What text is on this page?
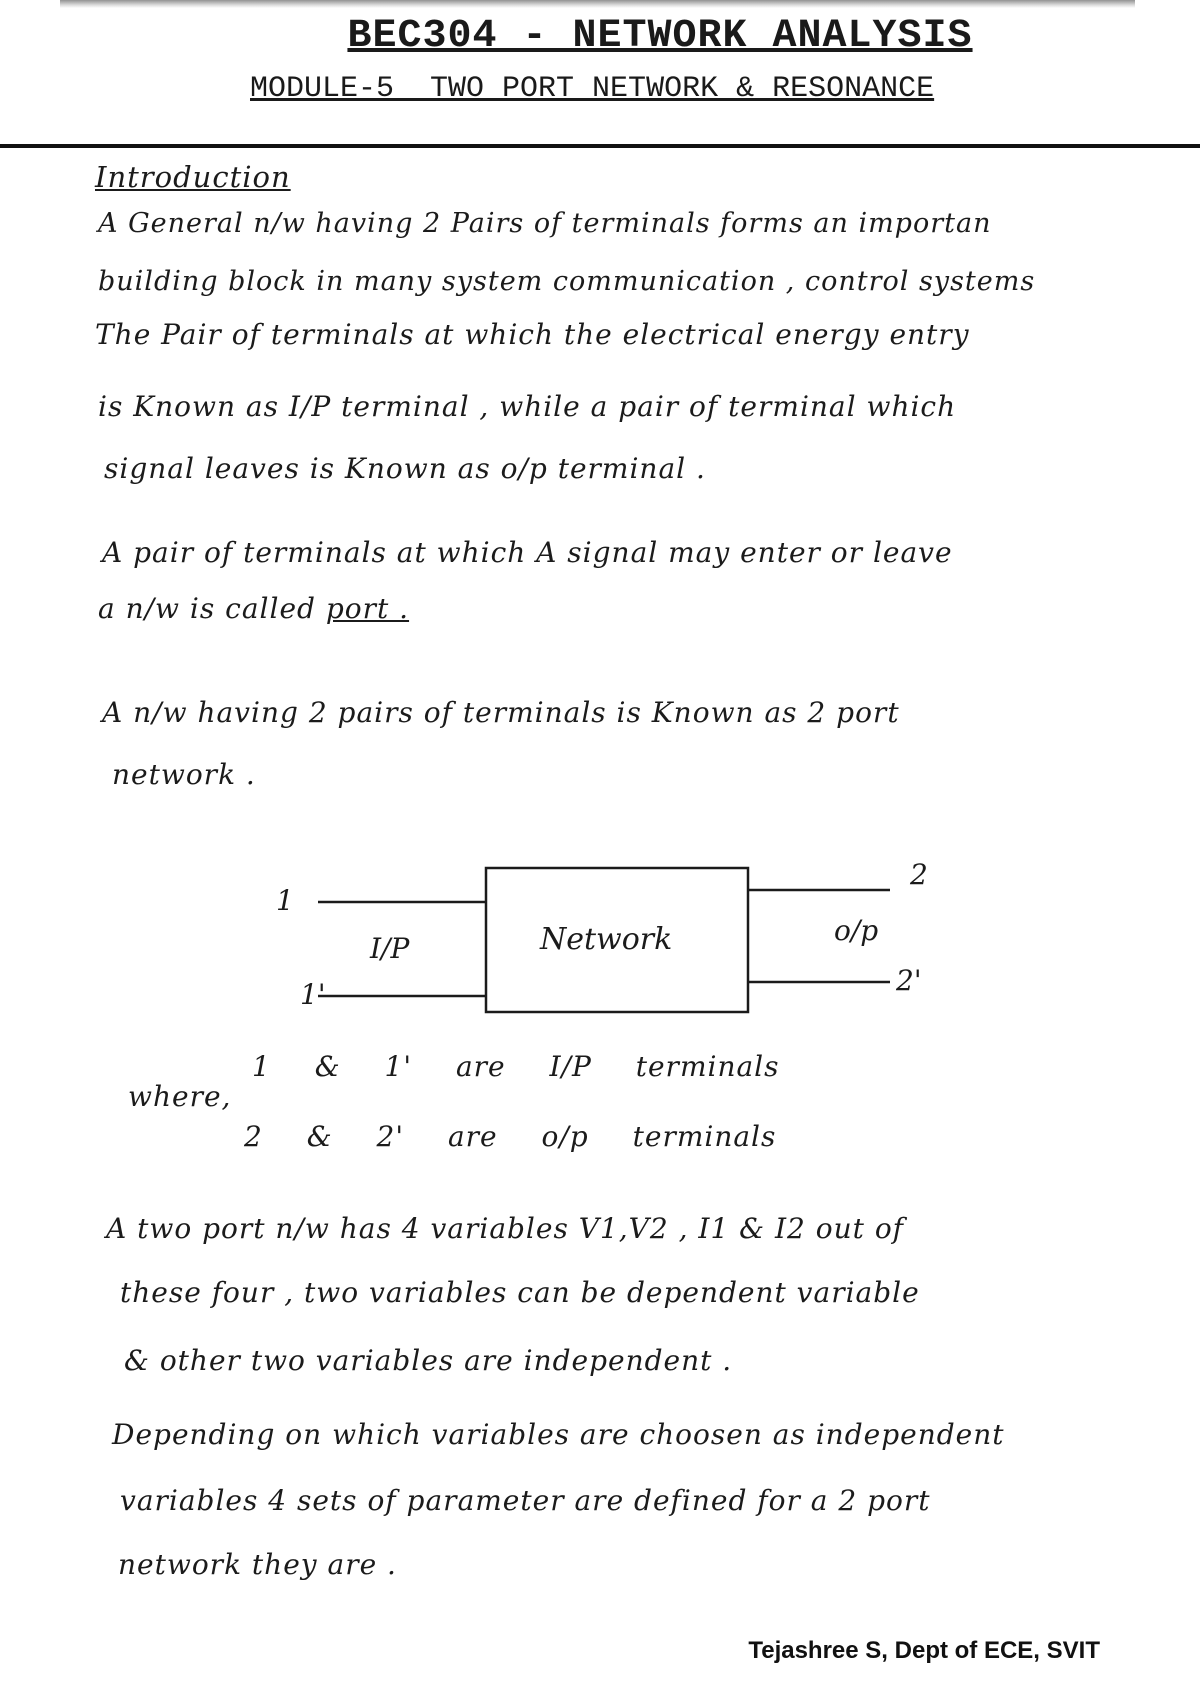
BEC304 - NETWORK ANALYSIS
MODULE-5  TWO PORT NETWORK & RESONANCE
Introduction
A General n/w having 2 Pairs of terminals forms an importan
building block in many system communication , control systems
The Pair of terminals at which the electrical energy entry
is Known as I/P terminal , while a pair of terminal which
signal leaves is Known as o/p terminal .
A pair of terminals at which A signal may enter or leave
a n/w is called port .
A n/w having 2 pairs of terminals is Known as 2 port
network .
1
1'
2
2'
I/P	Network	o/p
where,
1 & 1' are I/P terminals
2 & 2' are o/p terminals
A two port n/w has 4 variables V1,V2 , I1 & I2 out of
these four , two variables can be dependent variable
& other two variables are independent .
Depending on which variables are choosen as independent
variables 4 sets of parameter are defined for a 2 port
network they are .
Tejashree S, Dept of ECE, SVIT
